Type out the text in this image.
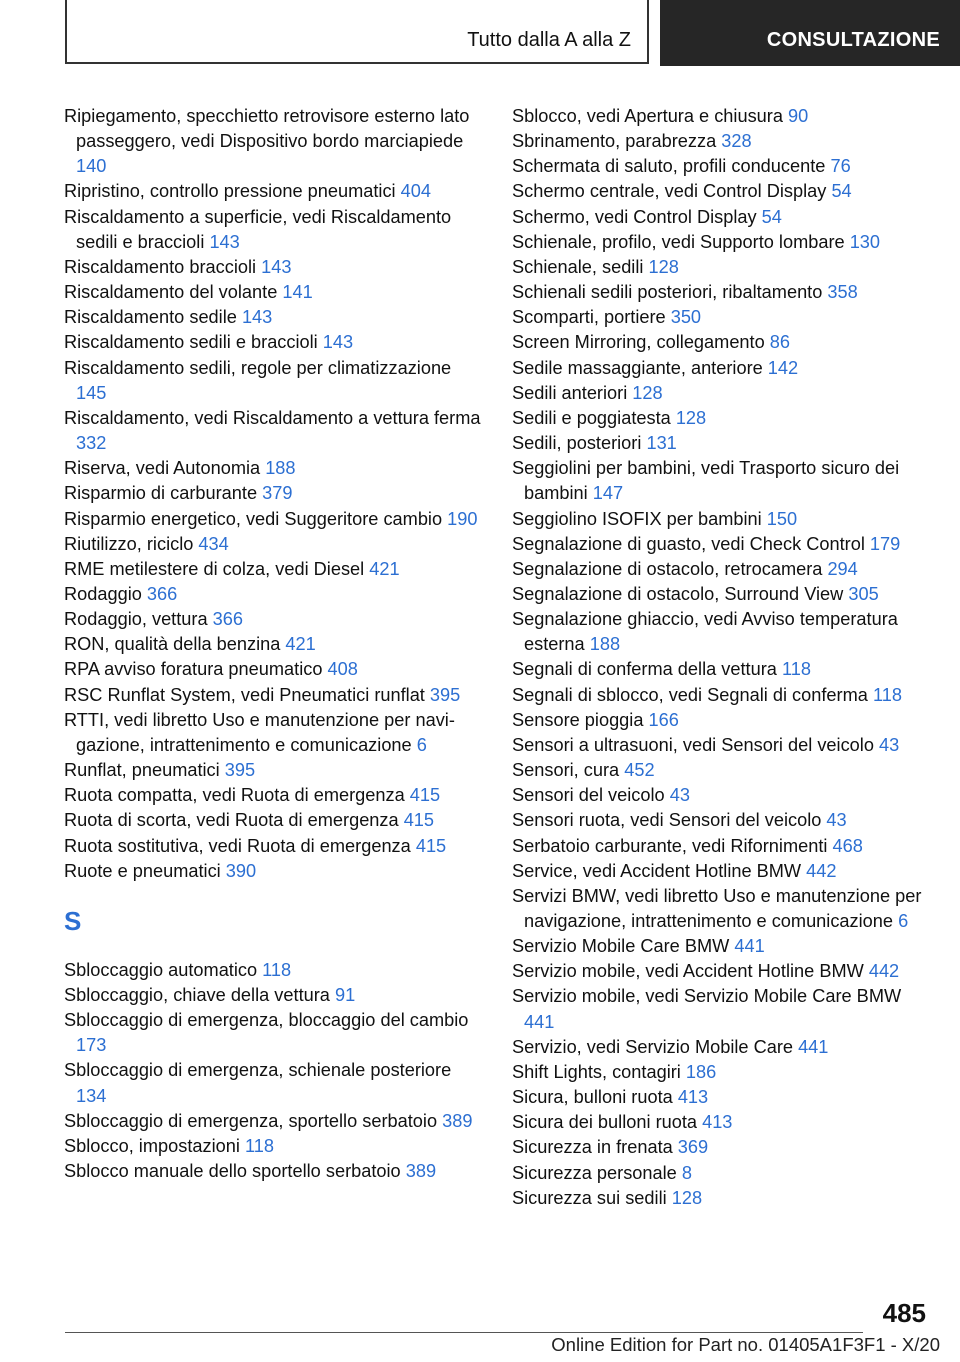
Tutto dalla A alla Z	CONSULTAZIONE

Ripiegamento, specchietto retrovisore esterno lato passeggero, vedi Dispositivo bordo marciapiede 140

Ripristino, controllo pressione pneumatici 404

Riscaldamento a superficie, vedi Riscaldamento sedili e braccioli 143

Riscaldamento braccioli 143

Riscaldamento del volante 141

Riscaldamento sedile 143

Riscaldamento sedili e braccioli 143

Riscaldamento sedili, regole per climatizzazione 145

Riscaldamento, vedi Riscaldamento a vettura ferma 332

Riserva, vedi Autonomia 188

Risparmio di carburante 379

Risparmio energetico, vedi Suggeritore cambio 190

Riutilizzo, riciclo 434

RME metilestere di colza, vedi Diesel 421

Rodaggio 366

Rodaggio, vettura 366

RON, qualità della benzina 421

RPA avviso foratura pneumatico 408

RSC Runflat System, vedi Pneumatici runflat 395

RTTI, vedi libretto Uso e manutenzione per navigazione, intrattenimento e comunicazione 6

Runflat, pneumatici 395

Ruota compatta, vedi Ruota di emergenza 415

Ruota di scorta, vedi Ruota di emergenza 415

Ruota sostitutiva, vedi Ruota di emergenza 415

Ruote e pneumatici 390

S

Sbloccaggio automatico 118

Sbloccaggio, chiave della vettura 91

Sbloccaggio di emergenza, bloccaggio del cambio 173

Sbloccaggio di emergenza, schienale posteriore 134

Sbloccaggio di emergenza, sportello serbatoio 389

Sblocco, impostazioni 118

Sblocco manuale dello sportello serbatoio 389

Sblocco, vedi Apertura e chiusura 90

Sbrinamento, parabrezza 328

Schermata di saluto, profili conducente 76

Schermo centrale, vedi Control Display 54

Schermo, vedi Control Display 54

Schienale, profilo, vedi Supporto lombare 130

Schienale, sedili 128

Schienali sedili posteriori, ribaltamento 358

Scomparti, portiere 350

Screen Mirroring, collegamento 86

Sedile massaggiante, anteriore 142

Sedili anteriori 128

Sedili e poggiatesta 128

Sedili, posteriori 131

Seggiolini per bambini, vedi Trasporto sicuro dei bambini 147

Seggiolino ISOFIX per bambini 150

Segnalazione di guasto, vedi Check Control 179

Segnalazione di ostacolo, retrocamera 294

Segnalazione di ostacolo, Surround View 305

Segnalazione ghiaccio, vedi Avviso temperatura esterna 188

Segnali di conferma della vettura 118

Segnali di sblocco, vedi Segnali di conferma 118

Sensore pioggia 166

Sensori a ultrasuoni, vedi Sensori del veicolo 43

Sensori, cura 452

Sensori del veicolo 43

Sensori ruota, vedi Sensori del veicolo 43

Serbatoio carburante, vedi Rifornimenti 468

Service, vedi Accident Hotline BMW 442

Servizi BMW, vedi libretto Uso e manutenzione per navigazione, intrattenimento e comunicazione 6

Servizio Mobile Care BMW 441

Servizio mobile, vedi Accident Hotline BMW 442

Servizio mobile, vedi Servizio Mobile Care BMW 441

Servizio, vedi Servizio Mobile Care 441

Shift Lights, contagiri 186

Sicura, bulloni ruota 413

Sicura dei bulloni ruota 413

Sicurezza in frenata 369

Sicurezza personale 8

Sicurezza sui sedili 128

485
Online Edition for Part no. 01405A1F3F1 - X/20
